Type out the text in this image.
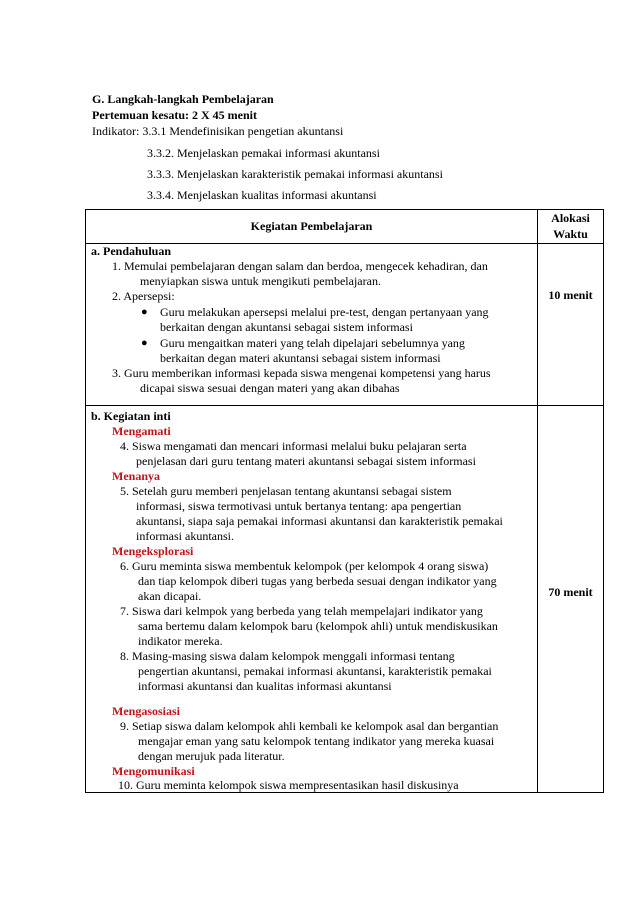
G. Langkah-langkah Pembelajaran
Pertemuan kesatu: 2 X 45 menit
Indikator: 3.3.1 Mendefinisikan pengetian akuntansi
3.3.2. Menjelaskan pemakai informasi akuntansi
3.3.3. Menjelaskan karakteristik pemakai informasi akuntansi
3.3.4. Menjelaskan kualitas informasi akuntansi
Kegiatan Pembelajaran
Alokasi
Waktu
a. Pendahuluan
1. Memulai pembelajaran dengan salam dan berdoa, mengecek kehadiran, dan
menyiapkan siswa untuk mengikuti pembelajaran.
2. Apersepsi:
● Guru melakukan apersepsi melalui pre-test, dengan pertanyaan yang
berkaitan dengan akuntansi sebagai sistem informasi
● Guru mengaitkan materi yang telah dipelajari sebelumnya yang
berkaitan degan materi akuntansi sebagai sistem informasi
3. Guru memberikan informasi kepada siswa mengenai kompetensi yang harus
dicapai siswa sesuai dengan materi yang akan dibahas
10 menit
b. Kegiatan inti
Mengamati
4. Siswa mengamati dan mencari informasi melalui buku pelajaran serta
penjelasan dari guru tentang materi akuntansi sebagai sistem informasi
Menanya
5. Setelah guru memberi penjelasan tentang akuntansi sebagai sistem
informasi, siswa termotivasi untuk bertanya tentang: apa pengertian
akuntansi, siapa saja pemakai informasi akuntansi dan karakteristik pemakai
informasi akuntansi.
Mengeksplorasi
6. Guru meminta siswa membentuk kelompok (per kelompok 4 orang siswa)
dan tiap kelompok diberi tugas yang berbeda sesuai dengan indikator yang
akan dicapai.
7. Siswa dari kelmpok yang berbeda yang telah mempelajari indikator yang
sama bertemu dalam kelompok baru (kelompok ahli) untuk mendiskusikan
indikator mereka.
8. Masing-masing siswa dalam kelompok menggali informasi tentang
pengertian akuntansi, pemakai informasi akuntansi, karakteristik pemakai
informasi akuntansi dan kualitas informasi akuntansi
Mengasosiasi
9. Setiap siswa dalam kelompok ahli kembali ke kelompok asal dan bergantian
mengajar eman yang satu kelompok tentang indikator yang mereka kuasai
dengan merujuk pada literatur.
Mengomunikasi
10. Guru meminta kelompok siswa mempresentasikan hasil diskusinya
70 menit
